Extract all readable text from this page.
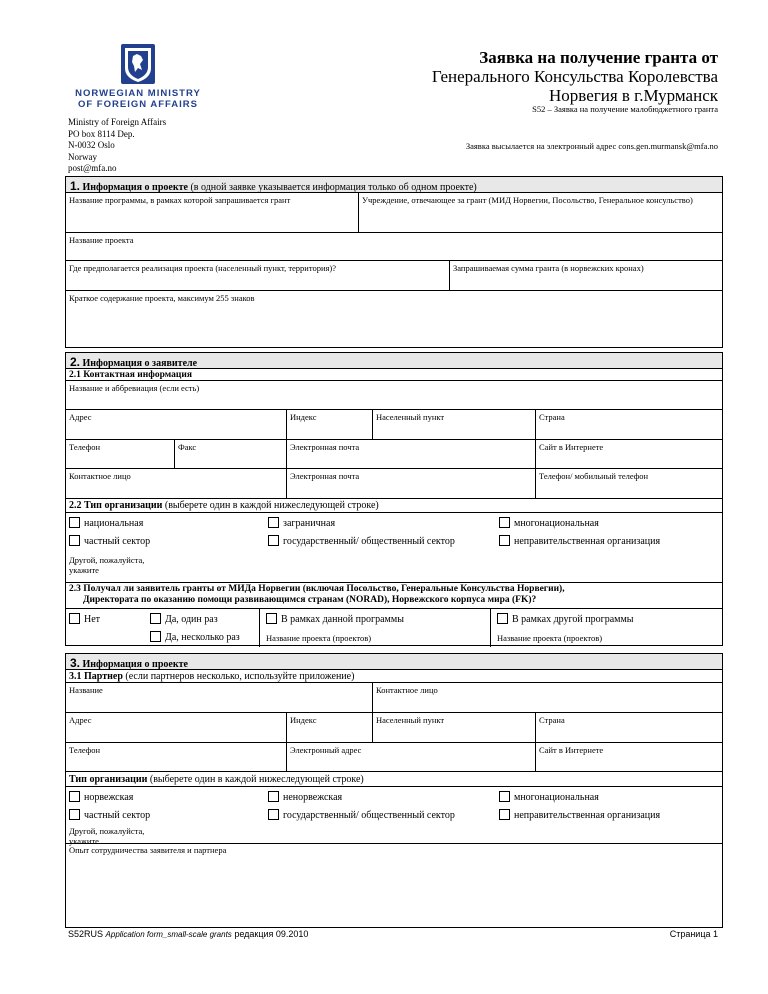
NORWEGIAN MINISTRY
OF FOREIGN AFFAIRS
Ministry of Foreign Affairs
PO box 8114 Dep.
N-0032 Oslo
Norway
post@mfa.no
Заявка на получение гранта от
Генерального Консульства Королевства
Норвегия в г.Мурманск
S52 – Заявка на получение малобюджетного гранта
Заявка высылается на электронный адрес cons.gen.murmansk@mfa.no
1. Информация о проекте (в одной заявке указывается информация только об одном проекте)
Название программы, в рамках которой запрашивается грант	Учреждение, отвечающее за грант (МИД Норвегии, Посольство, Генеральное консульство)
Название проекта
Где предполагается реализация проекта (населенный пункт, территория)?	Запрашиваемая сумма гранта (в норвежских кронах)
Краткое содержание проекта, максимум 255 знаков
2. Информация о заявителе
2.1 Контактная информация
Название и аббревиация (если есть)
Адрес	Индекс	Населенный пункт	Страна
Телефон	Факс	Электронная почта	Сайт в Интернете
Контактное лицо	Электронная почта	Телефон/ мобильный телефон
2.2 Тип организации (выберете один в каждой нижеследующей строке)
национальная	заграничная	многонациональная
частный сектор	государственный/ общественный сектор	неправительственная организация
Другой, пожалуйста, укажите
2.3 Получал ли заявитель гранты от МИДа Норвегии (включая Посольство, Генеральные Консульства Норвегии),
Директората по оказанию помощи развивающимся странам (NORAD), Норвежского корпуса мира (FK)?
Нет	Да, один раз
Да, несколько раз
В рамках данной программы
Название проекта (проектов)
В рамках другой программы
Название проекта (проектов)
3. Информация о проекте
3.1 Партнер (если партнеров несколько, используйте приложение)
Название	Контактное лицо
Адрес	Индекс	Населенный пункт	Страна
Телефон	Электронный адрес	Сайт в Интернете
Тип организации (выберете один в каждой нижеследующей строке)
норвежская	ненорвежская	многонациональная
частный сектор	государственный/ общественный сектор	неправительственная организация
Другой, пожалуйста, укажите
Опыт сотрудничества заявителя и партнера
S52RUS Application form_small-scale grants редакция 09.2010	Страница 1
